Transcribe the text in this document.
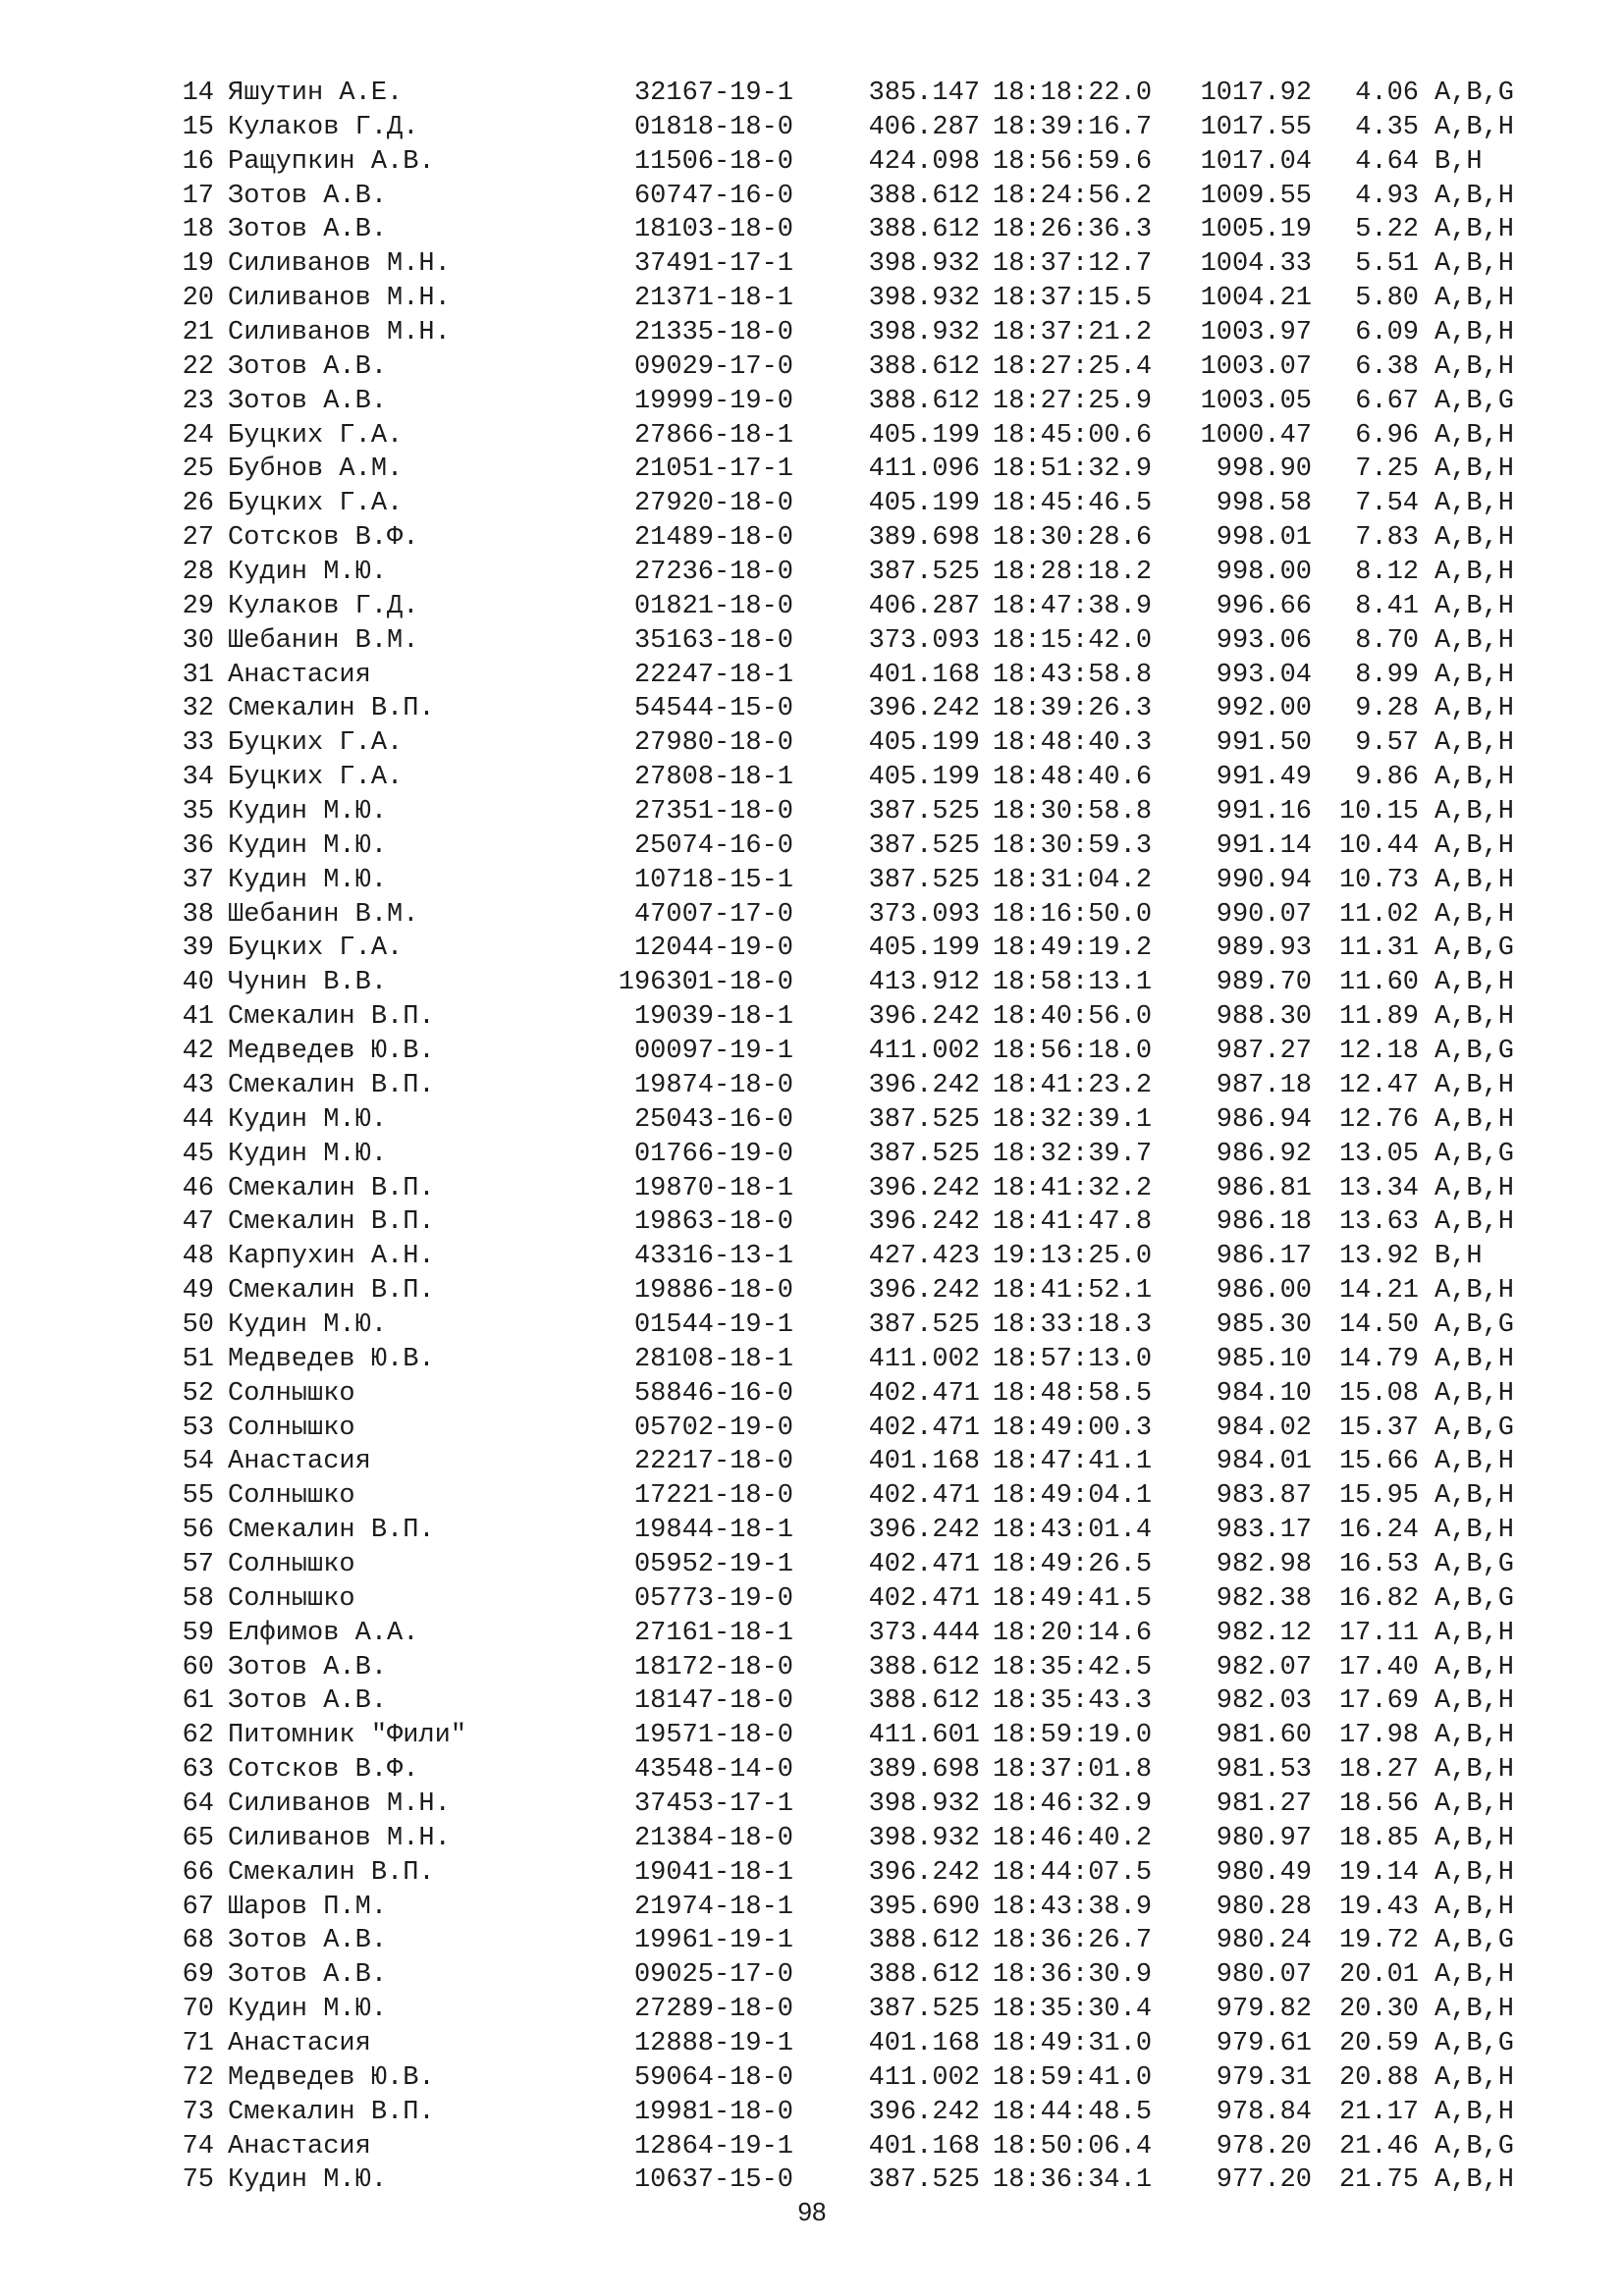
14 Яшутин А.Е.	32167-19-1	385.147 18:18:22.0	1017.92	4.06 A,B,G
15 Кулаков Г.Д.	01818-18-0	406.287 18:39:16.7	1017.55	4.35 A,B,H
16 Ращупкин А.В.	11506-18-0	424.098 18:56:59.6	1017.04	4.64 B,H
17 Зотов А.В.	60747-16-0	388.612 18:24:56.2	1009.55	4.93 A,B,H
18 Зотов А.В.	18103-18-0	388.612 18:26:36.3	1005.19	5.22 A,B,H
19 Силиванов М.Н.	37491-17-1	398.932 18:37:12.7	1004.33	5.51 A,B,H
20 Силиванов М.Н.	21371-18-1	398.932 18:37:15.5	1004.21	5.80 A,B,H
21 Силиванов М.Н.	21335-18-0	398.932 18:37:21.2	1003.97	6.09 A,B,H
22 Зотов А.В.	09029-17-0	388.612 18:27:25.4	1003.07	6.38 A,B,H
23 Зотов А.В.	19999-19-0	388.612 18:27:25.9	1003.05	6.67 A,B,G
24 Буцких Г.А.	27866-18-1	405.199 18:45:00.6	1000.47	6.96 A,B,H
25 Бубнов А.М.	21051-17-1	411.096 18:51:32.9	998.90	7.25 A,B,H
26 Буцких Г.А.	27920-18-0	405.199 18:45:46.5	998.58	7.54 A,B,H
27 Сотсков В.Ф.	21489-18-0	389.698 18:30:28.6	998.01	7.83 A,B,H
28 Кудин М.Ю.	27236-18-0	387.525 18:28:18.2	998.00	8.12 A,B,H
29 Кулаков Г.Д.	01821-18-0	406.287 18:47:38.9	996.66	8.41 A,B,H
30 Шебанин В.М.	35163-18-0	373.093 18:15:42.0	993.06	8.70 A,B,H
31 Анастасия	22247-18-1	401.168 18:43:58.8	993.04	8.99 A,B,H
32 Смекалин В.П.	54544-15-0	396.242 18:39:26.3	992.00	9.28 A,B,H
33 Буцких Г.А.	27980-18-0	405.199 18:48:40.3	991.50	9.57 A,B,H
34 Буцких Г.А.	27808-18-1	405.199 18:48:40.6	991.49	9.86 A,B,H
35 Кудин М.Ю.	27351-18-0	387.525 18:30:58.8	991.16	10.15 A,B,H
36 Кудин М.Ю.	25074-16-0	387.525 18:30:59.3	991.14	10.44 A,B,H
37 Кудин М.Ю.	10718-15-1	387.525 18:31:04.2	990.94	10.73 A,B,H
38 Шебанин В.М.	47007-17-0	373.093 18:16:50.0	990.07	11.02 A,B,H
39 Буцких Г.А.	12044-19-0	405.199 18:49:19.2	989.93	11.31 A,B,G
40 Чунин В.В.	196301-18-0	413.912 18:58:13.1	989.70	11.60 A,B,H
41 Смекалин В.П.	19039-18-1	396.242 18:40:56.0	988.30	11.89 A,B,H
42 Медведев Ю.В.	00097-19-1	411.002 18:56:18.0	987.27	12.18 A,B,G
43 Смекалин В.П.	19874-18-0	396.242 18:41:23.2	987.18	12.47 A,B,H
44 Кудин М.Ю.	25043-16-0	387.525 18:32:39.1	986.94	12.76 A,B,H
45 Кудин М.Ю.	01766-19-0	387.525 18:32:39.7	986.92	13.05 A,B,G
46 Смекалин В.П.	19870-18-1	396.242 18:41:32.2	986.81	13.34 A,B,H
47 Смекалин В.П.	19863-18-0	396.242 18:41:47.8	986.18	13.63 A,B,H
48 Карпухин А.Н.	43316-13-1	427.423 19:13:25.0	986.17	13.92 B,H
49 Смекалин В.П.	19886-18-0	396.242 18:41:52.1	986.00	14.21 A,B,H
50 Кудин М.Ю.	01544-19-1	387.525 18:33:18.3	985.30	14.50 A,B,G
51 Медведев Ю.В.	28108-18-1	411.002 18:57:13.0	985.10	14.79 A,B,H
52 Солнышко	58846-16-0	402.471 18:48:58.5	984.10	15.08 A,B,H
53 Солнышко	05702-19-0	402.471 18:49:00.3	984.02	15.37 A,B,G
54 Анастасия	22217-18-0	401.168 18:47:41.1	984.01	15.66 A,B,H
55 Солнышко	17221-18-0	402.471 18:49:04.1	983.87	15.95 A,B,H
56 Смекалин В.П.	19844-18-1	396.242 18:43:01.4	983.17	16.24 A,B,H
57 Солнышко	05952-19-1	402.471 18:49:26.5	982.98	16.53 A,B,G
58 Солнышко	05773-19-0	402.471 18:49:41.5	982.38	16.82 A,B,G
59 Елфимов А.А.	27161-18-1	373.444 18:20:14.6	982.12	17.11 A,B,H
60 Зотов А.В.	18172-18-0	388.612 18:35:42.5	982.07	17.40 A,B,H
61 Зотов А.В.	18147-18-0	388.612 18:35:43.3	982.03	17.69 A,B,H
62 Питомник "Фили"	19571-18-0	411.601 18:59:19.0	981.60	17.98 A,B,H
63 Сотсков В.Ф.	43548-14-0	389.698 18:37:01.8	981.53	18.27 A,B,H
64 Силиванов М.Н.	37453-17-1	398.932 18:46:32.9	981.27	18.56 A,B,H
65 Силиванов М.Н.	21384-18-0	398.932 18:46:40.2	980.97	18.85 A,B,H
66 Смекалин В.П.	19041-18-1	396.242 18:44:07.5	980.49	19.14 A,B,H
67 Шаров П.М.	21974-18-1	395.690 18:43:38.9	980.28	19.43 A,B,H
68 Зотов А.В.	19961-19-1	388.612 18:36:26.7	980.24	19.72 A,B,G
69 Зотов А.В.	09025-17-0	388.612 18:36:30.9	980.07	20.01 A,B,H
70 Кудин М.Ю.	27289-18-0	387.525 18:35:30.4	979.82	20.30 A,B,H
71 Анастасия	12888-19-1	401.168 18:49:31.0	979.61	20.59 A,B,G
72 Медведев Ю.В.	59064-18-0	411.002 18:59:41.0	979.31	20.88 A,B,H
73 Смекалин В.П.	19981-18-0	396.242 18:44:48.5	978.84	21.17 A,B,H
74 Анастасия	12864-19-1	401.168 18:50:06.4	978.20	21.46 A,B,G
75 Кудин М.Ю.	10637-15-0	387.525 18:36:34.1	977.20	21.75 A,B,H
98
